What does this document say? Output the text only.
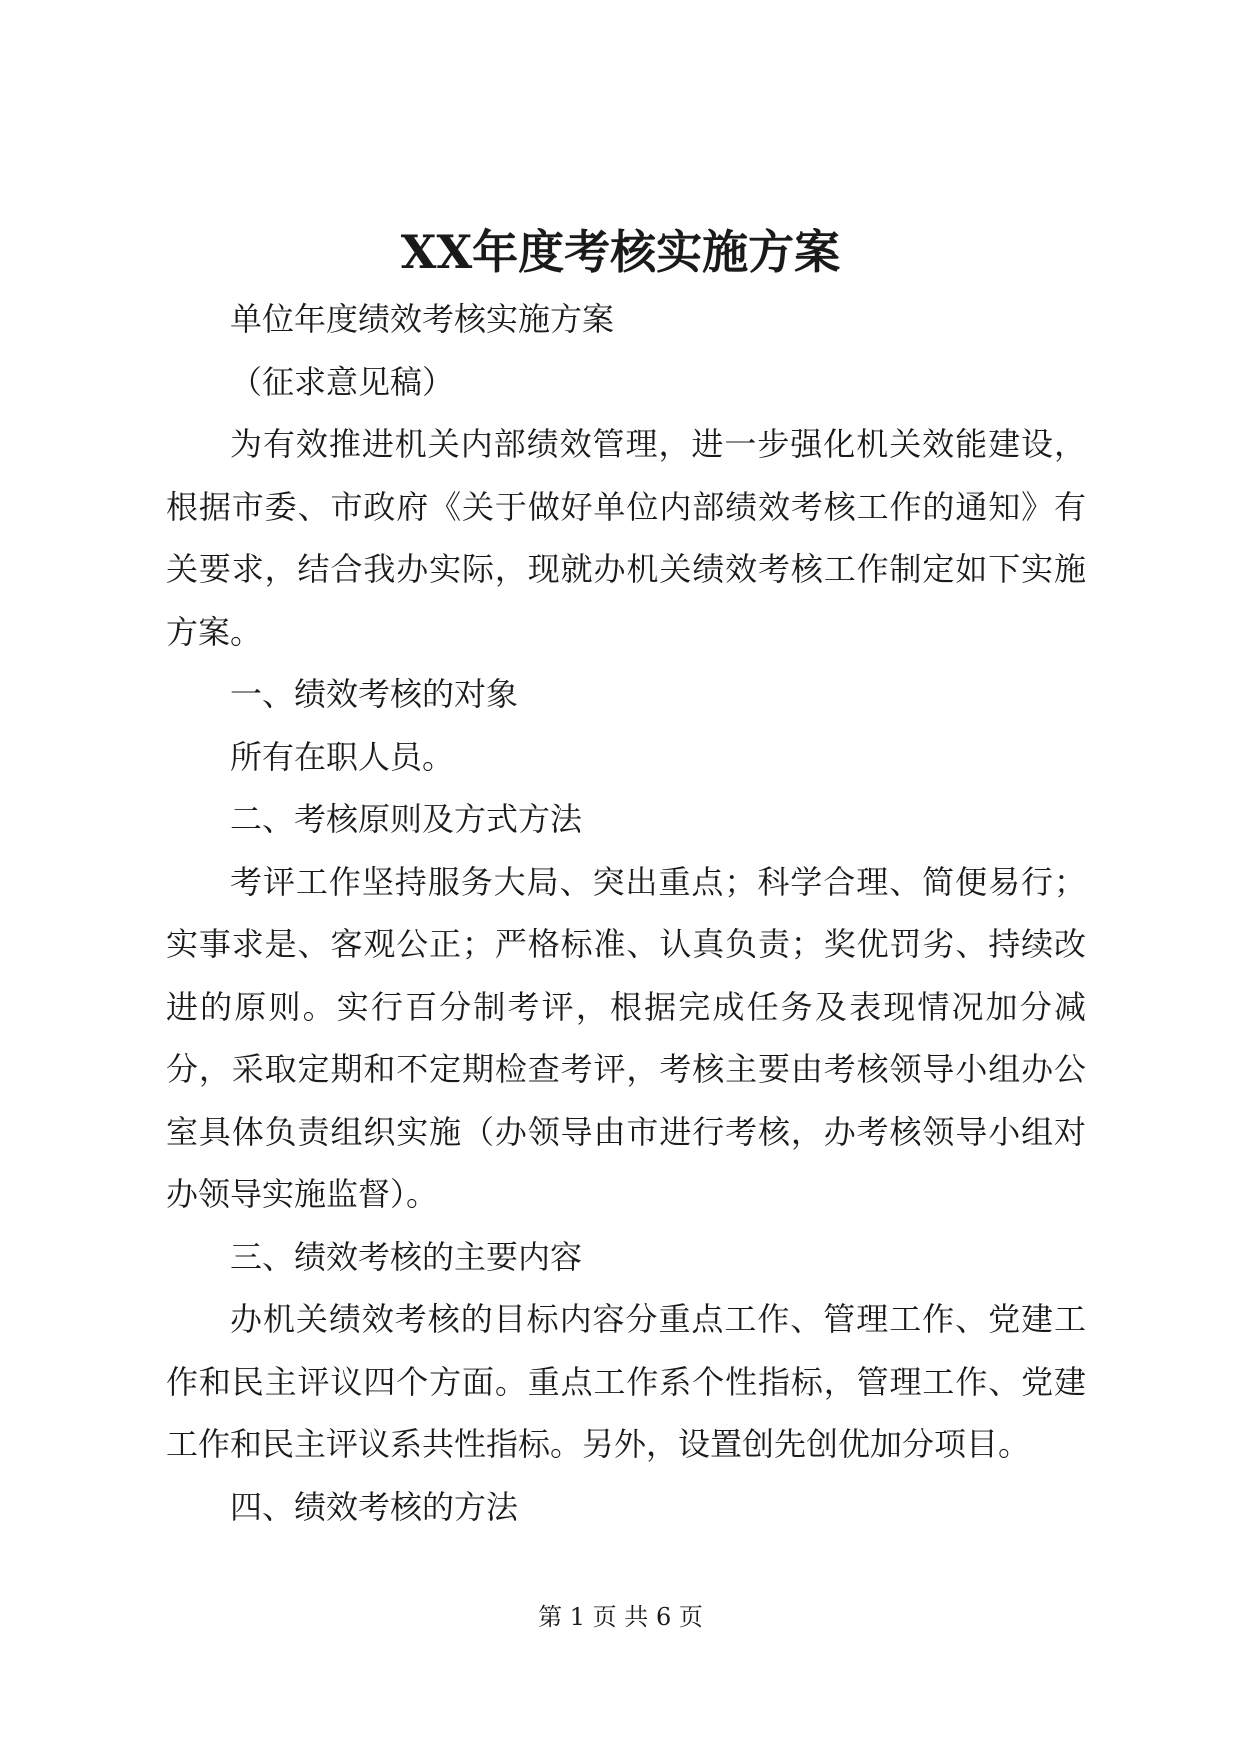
XX年度考核实施方案

单位年度绩效考核实施方案

（征求意见稿）

为有效推进机关内部绩效管理，进一步强化机关效能建设，根据市委、市政府《关于做好单位内部绩效考核工作的通知》有关要求，结合我办实际，现就办机关绩效考核工作制定如下实施方案。

一、绩效考核的对象

所有在职人员。

二、考核原则及方式方法

考评工作坚持服务大局、突出重点；科学合理、简便易行；实事求是、客观公正；严格标准、认真负责；奖优罚劣、持续改进的原则。实行百分制考评，根据完成任务及表现情况加分减分，采取定期和不定期检查考评，考核主要由考核领导小组办公室具体负责组织实施（办领导由市进行考核，办考核领导小组对办领导实施监督）。

三、绩效考核的主要内容

办机关绩效考核的目标内容分重点工作、管理工作、党建工作和民主评议四个方面。重点工作系个性指标，管理工作、党建工作和民主评议系共性指标。另外，设置创先创优加分项目。

四、绩效考核的方法

第 1 页 共 6 页
